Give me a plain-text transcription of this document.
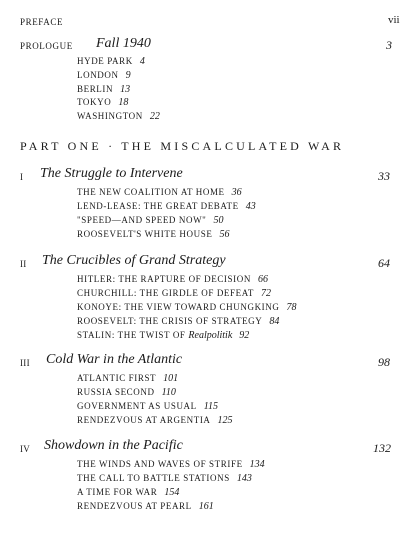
PREFACE	vii
PROLOGUE Fall 1940	3
HYDE PARK 4
LONDON 9
BERLIN 13
TOKYO 18
WASHINGTON 22
PART ONE · THE MISCALCULATED WAR
I The Struggle to Intervene	33
THE NEW COALITION AT HOME 36
LEND-LEASE: THE GREAT DEBATE 43
"SPEED—AND SPEED NOW" 50
ROOSEVELT'S WHITE HOUSE 56
II The Crucibles of Grand Strategy	64
HITLER: THE RAPTURE OF DECISION 66
CHURCHILL: THE GIRDLE OF DEFEAT 72
KONOYE: THE VIEW TOWARD CHUNGKING 78
ROOSEVELT: THE CRISIS OF STRATEGY 84
STALIN: THE TWIST OF Realpolitik 92
III Cold War in the Atlantic	98
ATLANTIC FIRST 101
RUSSIA SECOND 110
GOVERNMENT AS USUAL 115
RENDEZVOUS AT ARGENTIA 125
IV Showdown in the Pacific	132
THE WINDS AND WAVES OF STRIFE 134
THE CALL TO BATTLE STATIONS 143
A TIME FOR WAR 154
RENDEZVOUS AT PEARL 161
